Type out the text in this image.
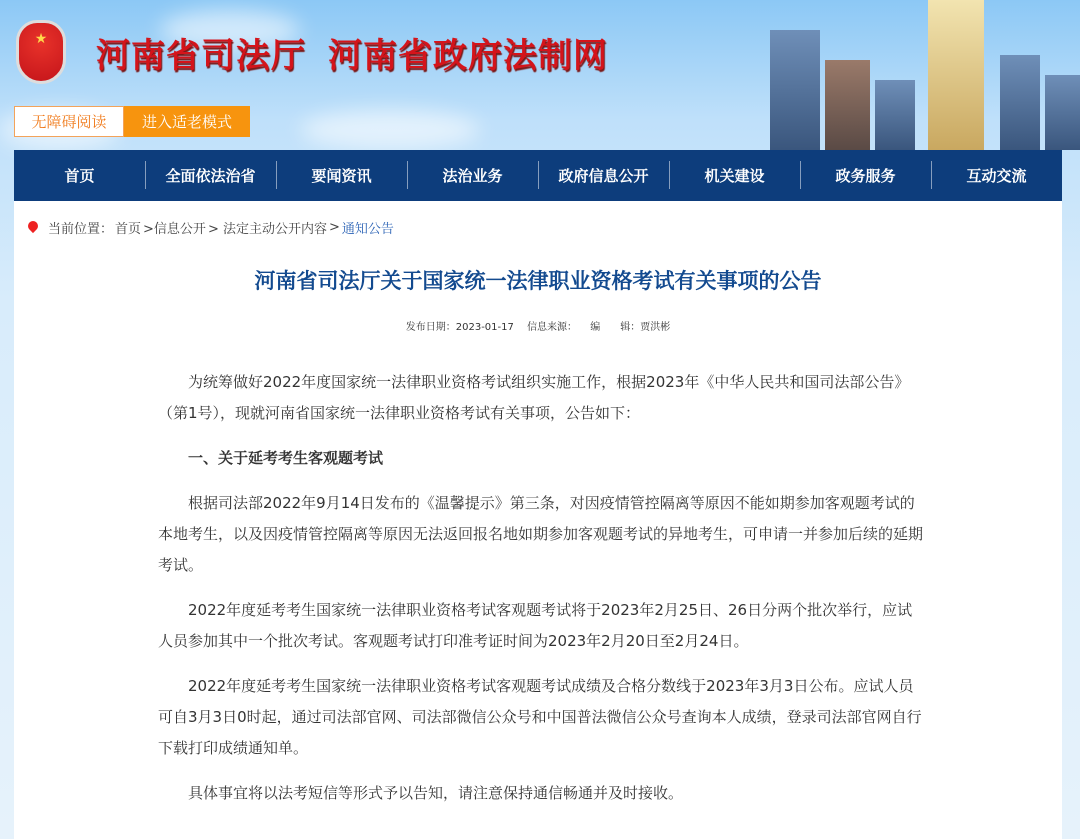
★	河南省司法厅 河南省政府法制网
无障碍阅读	进入适老模式
首页	全面依法治省	要闻资讯	法治业务	政府信息公开	机关建设	政务服务	互动交流
当前位置： 首页 >信息公开 > 法定主动公开内容 > 通知公告
河南省司法厅关于国家统一法律职业资格考试有关事项的公告
发布日期：2023-01-17 信息来源： 编　　辑：贾洪彬

为统筹做好2022年度国家统一法律职业资格考试组织实施工作，根据2023年《中华人民共和国司法部公告》（第1号），现就河南省国家统一法律职业资格考试有关事项，公告如下：

一、关于延考考生客观题考试

根据司法部2022年9月14日发布的《温馨提示》第三条，对因疫情管控隔离等原因不能如期参加客观题考试的本地考生，以及因疫情管控隔离等原因无法返回报名地如期参加客观题考试的异地考生，可申请一并参加后续的延期考试。

2022年度延考考生国家统一法律职业资格考试客观题考试将于2023年2月25日、26日分两个批次举行，应试人员参加其中一个批次考试。客观题考试打印准考证时间为2023年2月20日至2月24日。

2022年度延考考生国家统一法律职业资格考试客观题考试成绩及合格分数线于2023年3月3日公布。应试人员可自3月3日0时起，通过司法部官网、司法部微信公众号和中国普法微信公众号查询本人成绩，登录司法部官网自行下载打印成绩通知单。

具体事宜将以法考短信等形式予以告知，请注意保持通信畅通并及时接收。
